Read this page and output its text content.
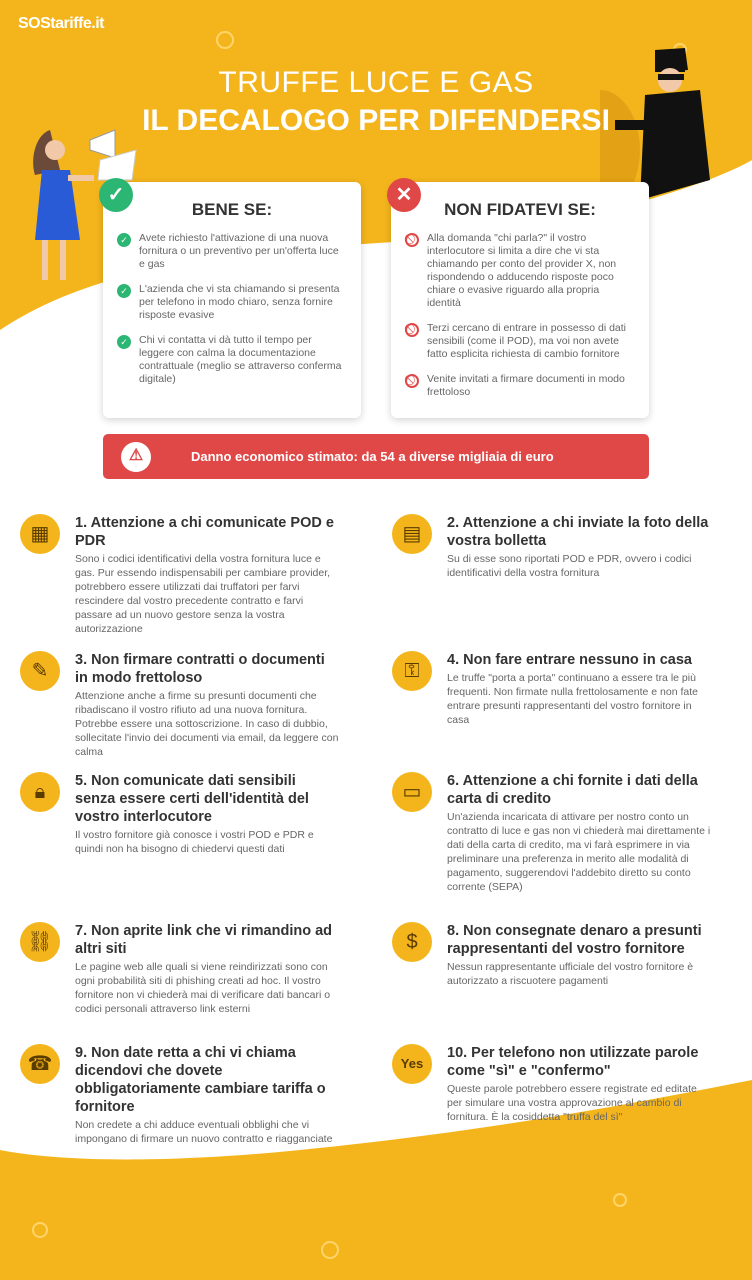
SOStariffe.it
TRUFFE LUCE E GAS
IL DECALOGO PER DIFENDERSI
✓
BENE SE:
✓	Avete richiesto l'attivazione di una nuova fornitura o un preventivo per un'offerta luce e gas
✓	L'azienda che vi sta chiamando si presenta per telefono in modo chiaro, senza fornire risposte evasive
✓	Chi vi contatta vi dà tutto il tempo per leggere con calma la documentazione contrattuale (meglio se attraverso conferma digitale)
✕
NON FIDATEVI SE:
Alla domanda "chi parla?" il vostro interlocutore si limita a dire che vi sta chiamando per conto del provider X, non rispondendo o adducendo risposte poco chiare o evasive riguardo alla propria identità
Terzi cercano di entrare in possesso di dati sensibili (come il POD), ma voi non avete fatto esplicita richiesta di cambio fornitore
Venite invitati a firmare documenti in modo frettoloso
⚠	Danno economico stimato: da 54 a diverse migliaia di euro
▦	1. Attenzione a chi comunicate POD e PDR
Sono i codici identificativi della vostra fornitura luce e gas. Pur essendo indispensabili per cambiare provider, potrebbero essere utilizzati dai truffatori per farvi rescindere dal vostro precedente contratto e farvi passare ad un nuovo gestore senza la vostra autorizzazione
▤	2. Attenzione a chi inviate la foto della vostra bolletta
Su di esse sono riportati POD e PDR, ovvero i codici identificativi della vostra fornitura
✎	3. Non firmare contratti o documenti in modo frettoloso
Attenzione anche a firme su presunti documenti che ribadiscano il vostro rifiuto ad una nuova fornitura. Potrebbe essere una sottoscrizione. In caso di dubbio, sollecitate l'invio dei documenti via email, da leggere con calma
⚿	4. Non fare entrare nessuno in casa
Le truffe "porta a porta" continuano a essere tra le più frequenti. Non firmate nulla frettolosamente e non fate entrare presunti rappresentanti del vostro fornitore in casa
🔒︎	5. Non comunicate dati sensibili senza essere certi dell'identità del vostro interlocutore
Il vostro fornitore già conosce i vostri POD e PDR e quindi non ha bisogno di chiedervi questi dati
▭	6. Attenzione a chi fornite i dati della carta di credito
Un'azienda incaricata di attivare per nostro conto un contratto di luce e gas non vi chiederà mai direttamente i dati della carta di credito, ma vi farà esprimere in via preliminare una preferenza in merito alle modalità di pagamento, suggerendovi l'addebito diretto su conto corrente (SEPA)
⛓	7. Non aprite link che vi rimandino ad altri siti
Le pagine web alle quali si viene reindirizzati sono con ogni probabilità siti di phishing creati ad hoc. Il vostro fornitore non vi chiederà mai di verificare dati bancari o codici personali attraverso link esterni
$	8. Non consegnate denaro a presunti rappresentanti del vostro fornitore
Nessun rappresentante ufficiale del vostro fornitore è autorizzato a riscuotere pagamenti
☎	9. Non date retta a chi vi chiama dicendovi che dovete obbligatoriamente cambiare tariffa o fornitore
Non credete a chi adduce eventuali obblighi che vi impongano di firmare un nuovo contratto e riagganciate
Yes
10. Per telefono non utilizzate parole come "sì" e "confermo"
Queste parole potrebbero essere registrate ed editate per simulare una vostra approvazione al cambio di fornitura. È la cosiddetta "truffa del sì"
